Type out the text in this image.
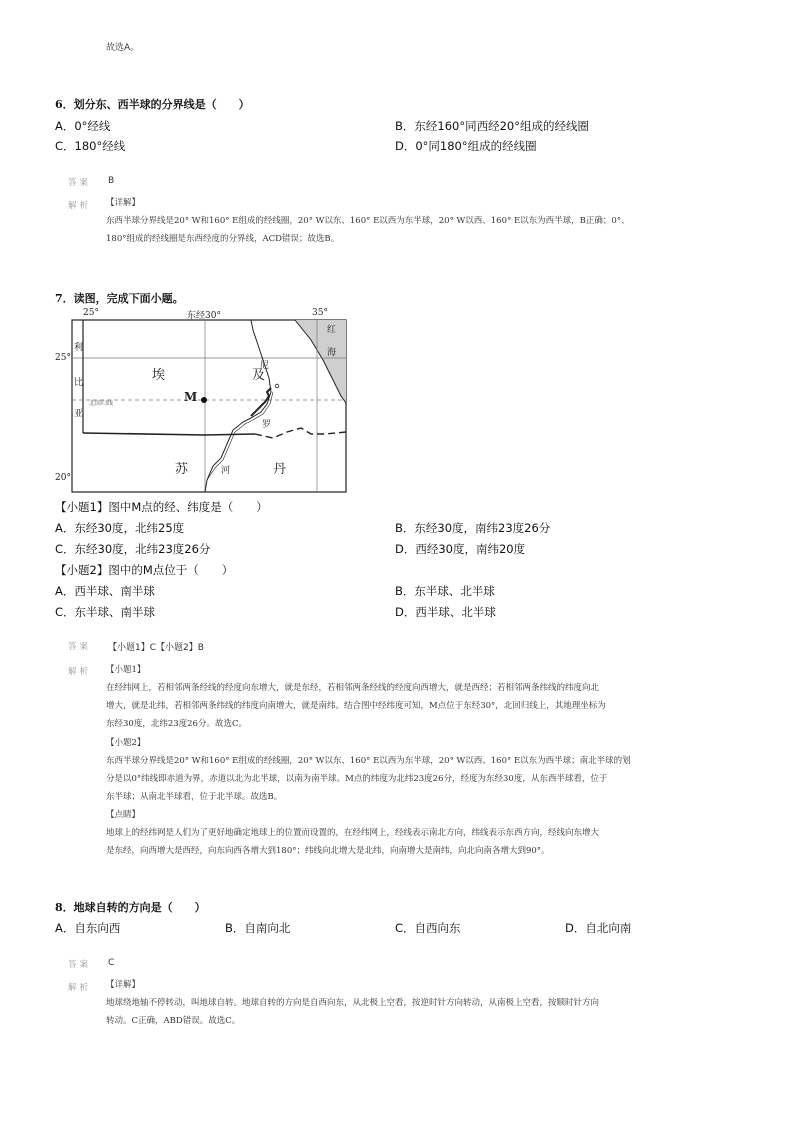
故选A。
6．划分东、西半球的分界线是（　　）
A．0°经线	B．东经160°同西经20°组成的经线圈
C．180°经线	D．0°同180°组成的经线圈
答案 B
解析 【详解】
东西半球分界线是20° W和160° E组成的经线圈，20° W以东、160° E以西为东半球，20° W以西、160° E以东为西半球，B正确；0°、
180°组成的经线圈是东西经度的分界线，ACD错误；故选B。
7．读图，完成下面小题。
25°	东经30°	35°
25°
20°
利
比
亚
红
海
埃	及
尼
罗
河
苏	丹
M
北回归线
【小题1】图中M点的经、纬度是（　　）
A．东经30度，北纬25度	B．东经30度，南纬23度26分
C．东经30度，北纬23度26分	D．西经30度，南纬20度
【小题2】图中的M点位于（　　）
A．西半球、南半球	B．东半球、北半球
C．东半球、南半球	D．西半球、北半球
答案 【小题1】C【小题2】B
解析 【小题1】
在经纬网上，若相邻两条经线的经度向东增大，就是东经，若相邻两条经线的经度向西增大，就是西经；若相邻两条纬线的纬度向北
增大，就是北纬，若相邻两条纬线的纬度向南增大，就是南纬。结合图中经纬度可知，M点位于东经30°，北回归线上，其地理坐标为
东经30度，北纬23度26分。故选C。
【小题2】
东西半球分界线是20° W和160° E组成的经线圈，20° W以东、160° E以西为东半球，20° W以西、160° E以东为西半球；南北半球的划
分是以0°纬线即赤道为界，赤道以北为北半球，以南为南半球。M点的纬度为北纬23度26分，经度为东经30度，从东西半球看，位于
东半球；从南北半球看，位于北半球。故选B。
【点睛】
地球上的经纬网是人们为了更好地确定地球上的位置而设置的，在经纬网上，经线表示南北方向，纬线表示东西方向，经线向东增大
是东经，向西增大是西经，向东向西各增大到180°；纬线向北增大是北纬，向南增大是南纬，向北向南各增大到90°。
8．地球自转的方向是（　　）
A．自东向西	B．自南向北	C．自西向东	D．自北向南
答案 C
解析 【详解】
地球绕地轴不停转动，叫地球自转。地球自转的方向是自西向东，从北极上空看，按逆时针方向转动，从南极上空看，按顺时针方向
转动。C正确，ABD错误。故选C。
